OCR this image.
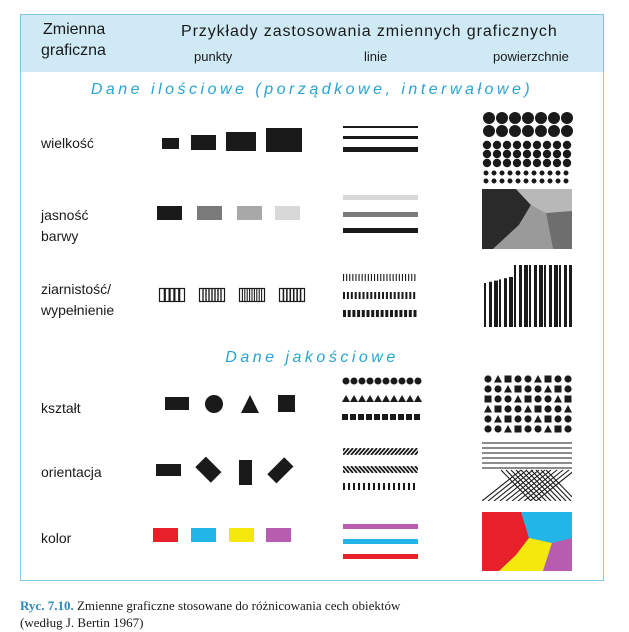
Zmienna
graficzna
Przykłady zastosowania zmiennych graficznych
punkty	linie	powierzchnie
Dane ilościowe (porządkowe, interwałowe)
Dane jakościowe
wielkość
jasność
barwy
ziarnistość/
wypełnienie
kształt
orientacja
kolor
Ryc. 7.10. Zmienne graficzne stosowane do różnicowania cech obiektów
(według J. Bertin 1967)
